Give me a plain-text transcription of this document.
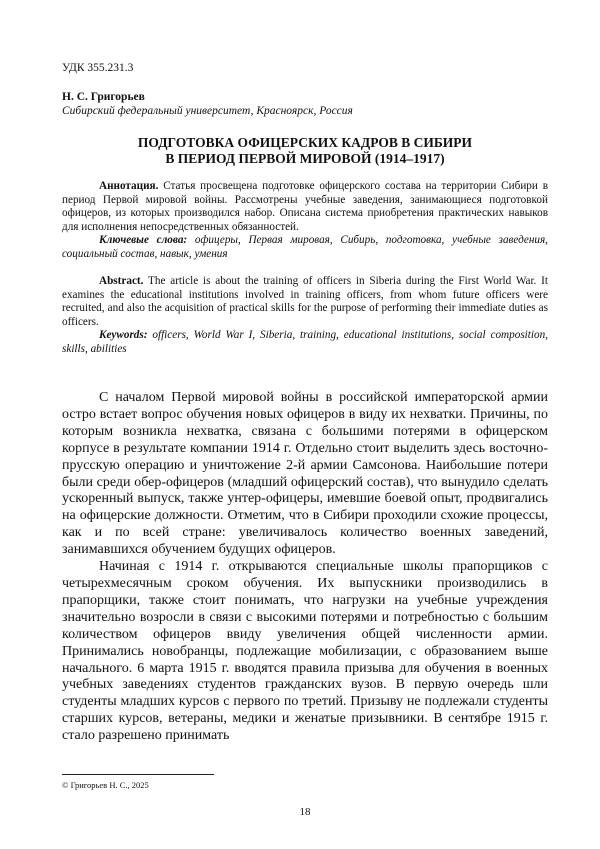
УДК 355.231.3
Н. С. Григорьев
Сибирский федеральный университет, Красноярск, Россия
ПОДГОТОВКА ОФИЦЕРСКИХ КАДРОВ В СИБИРИ
В ПЕРИОД ПЕРВОЙ МИРОВОЙ (1914–1917)

Аннотация. Статья просвещена подготовке офицерского состава на территории Сибири в период Первой мировой войны. Рассмотрены учебные заведения, занимающиеся подготовкой офицеров, из которых производился набор. Описана система приобретения практических навыков для исполнения непосредственных обязанностей.

Ключевые слова: офицеры, Первая мировая, Сибирь, подготовка, учебные заведения, социальный состав, навык, умения

Abstract. The article is about the training of officers in Siberia during the First World War. It examines the educational institutions involved in training officers, from whom future officers were recruited, and also the acquisition of practical skills for the purpose of performing their immediate duties as officers.

Keywords: officers, World War I, Siberia, training, educational institutions, social composition, skills, abilities

С началом Первой мировой войны в российской императорской армии остро встает вопрос обучения новых офицеров в виду их нехватки. Причины, по которым возникла нехватка, связана с большими потерями в офицерском корпусе в результате компании 1914 г. Отдельно стоит выделить здесь восточно-прусскую операцию и уничтожение 2-й армии Самсонова. Наибольшие потери были среди обер-офицеров (младший офицерский состав), что вынудило сделать ускоренный выпуск, также унтер-офицеры, имевшие боевой опыт, продвигались на офицерские должности. Отметим, что в Сибири проходили схожие процессы, как и по всей стране: увеличивалось количество военных заведений, занимавшихся обучением будущих офицеров.

Начиная с 1914 г. открываются специальные школы прапорщиков с четырехмесячным сроком обучения. Их выпускники производились в прапорщики, также стоит понимать, что нагрузки на учебные учреждения значительно возросли в связи с высокими потерями и потребностью с большим количеством офицеров ввиду увеличения общей численности армии. Принимались новобранцы, подлежащие мобилизации, с образованием выше начального. 6 марта 1915 г. вводятся правила призыва для обучения в военных учебных заведениях студентов гражданских вузов. В первую очередь шли студенты младших курсов с первого по третий. Призыву не подлежали студенты старших курсов, ветераны, медики и женатые призывники. В сентябре 1915 г. стало разрешено принимать

© Григорьев Н. С., 2025
18
